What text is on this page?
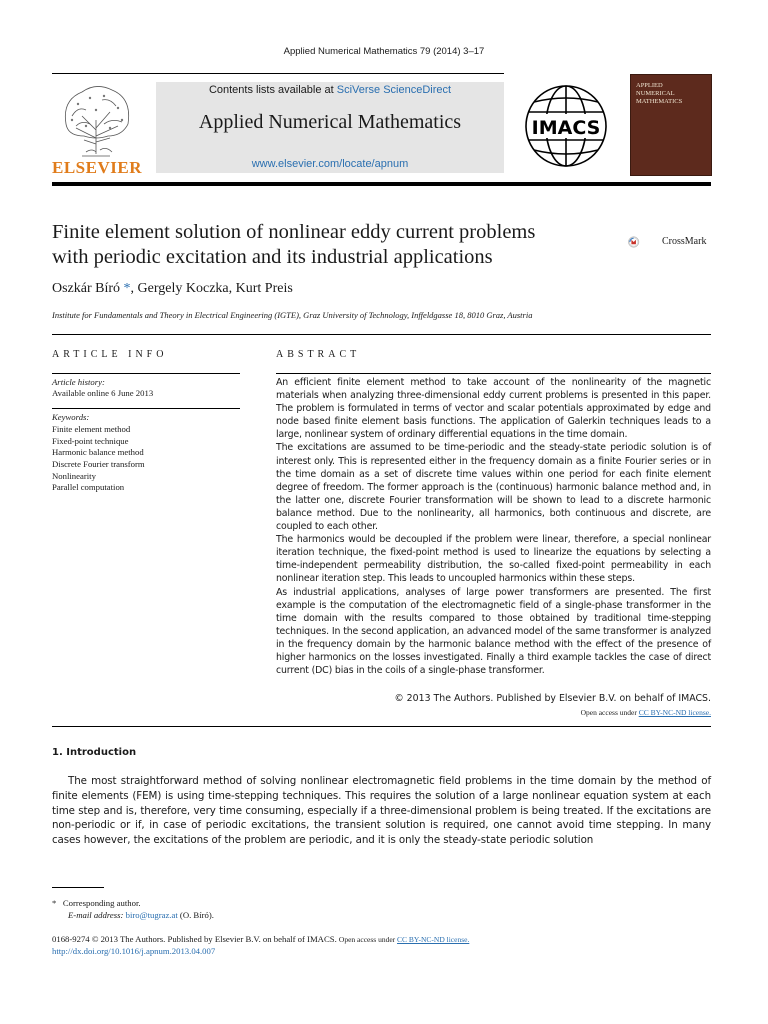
Applied Numerical Mathematics 79 (2014) 3–17
ELSEVIER
Contents lists available at SciVerse ScienceDirect
Applied Numerical Mathematics
www.elsevier.com/locate/apnum
IMACS
APPLIED
NUMERICAL
MATHEMATICS
Finite element solution of nonlinear eddy current problems
with periodic excitation and its industrial applications
CrossMark
Oszkár Bíró *, Gergely Koczka, Kurt Preis
Institute for Fundamentals and Theory in Electrical Engineering (IGTE), Graz University of Technology, Inffeldgasse 18, 8010 Graz, Austria
ARTICLE INFO
Article history:
Available online 6 June 2013
Keywords:
Finite element method
Fixed-point technique
Harmonic balance method
Discrete Fourier transform
Nonlinearity
Parallel computation
ABSTRACT

An efficient finite element method to take account of the nonlinearity of the magnetic materials when analyzing three-dimensional eddy current problems is presented in this paper. The problem is formulated in terms of vector and scalar potentials approximated by edge and node based finite element basis functions. The application of Galerkin techniques leads to a large, nonlinear system of ordinary differential equations in the time domain.

The excitations are assumed to be time-periodic and the steady-state periodic solution is of interest only. This is represented either in the frequency domain as a finite Fourier series or in the time domain as a set of discrete time values within one period for each finite element degree of freedom. The former approach is the (continuous) harmonic balance method and, in the latter one, discrete Fourier transformation will be shown to lead to a discrete harmonic balance method. Due to the nonlinearity, all harmonics, both continuous and discrete, are coupled to each other.

The harmonics would be decoupled if the problem were linear, therefore, a special nonlinear iteration technique, the fixed-point method is used to linearize the equations by selecting a time-independent permeability distribution, the so-called fixed-point permeability in each nonlinear iteration step. This leads to uncoupled harmonics within these steps.

As industrial applications, analyses of large power transformers are presented. The first example is the computation of the electromagnetic field of a single-phase transformer in the time domain with the results compared to those obtained by traditional time-stepping techniques. In the second application, an advanced model of the same transformer is analyzed in the frequency domain by the harmonic balance method with the effect of the presence of higher harmonics on the losses investigated. Finally a third example tackles the case of direct current (DC) bias in the coils of a single-phase transformer.

© 2013 The Authors. Published by Elsevier B.V. on behalf of IMACS.
Open access under CC BY-NC-ND license.
1. Introduction
The most straightforward method of solving nonlinear electromagnetic field problems in the time domain by the method of finite elements (FEM) is using time-stepping techniques. This requires the solution of a large nonlinear equation system at each time step and is, therefore, very time consuming, especially if a three-dimensional problem is being treated. If the excitations are non-periodic or if, in case of periodic excitations, the transient solution is required, one cannot avoid time stepping. In many cases however, the excitations of the problem are periodic, and it is only the steady-state periodic solution
* Corresponding author.
E-mail address: biro@tugraz.at (O. Bíró).
0168-9274 © 2013 The Authors. Published by Elsevier B.V. on behalf of IMACS. Open access under CC BY-NC-ND license.
http://dx.doi.org/10.1016/j.apnum.2013.04.007
